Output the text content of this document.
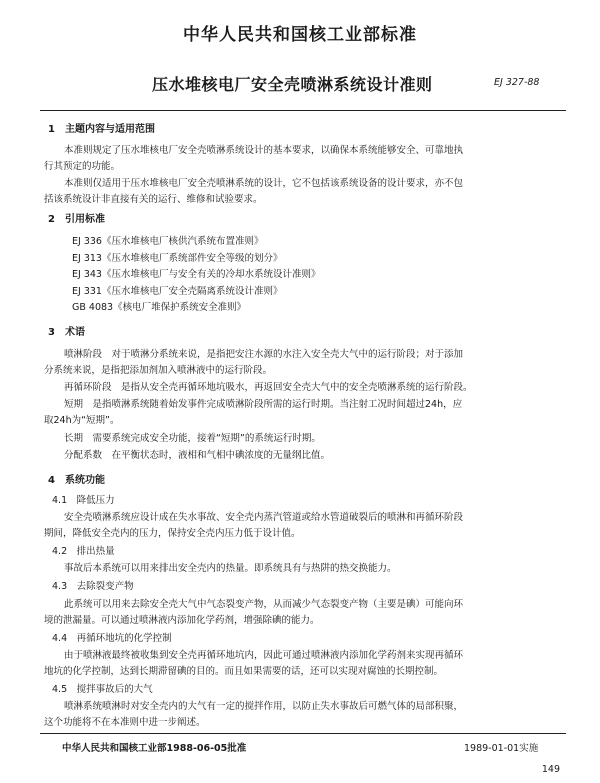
中华人民共和国核工业部标准
压水堆核电厂安全壳喷淋系统设计准则	EJ 327-88
1　主题内容与适用范围
本准则规定了压水堆核电厂安全壳喷淋系统设计的基本要求，以确保本系统能够安全、可靠地执
行其预定的功能。
本准则仅适用于压水堆核电厂安全壳喷淋系统的设计，它不包括该系统设备的设计要求，亦不包
括该系统设计非直接有关的运行、维修和试验要求。
2　引用标准
EJ 336《压水堆核电厂核供汽系统布置准则》
EJ 313《压水堆核电厂系统部件安全等级的划分》
EJ 343《压水堆核电厂与安全有关的冷却水系统设计准则》
EJ 331《压水堆核电厂安全壳隔离系统设计准则》
GB 4083《核电厂堆保护系统安全准则》
3　术语
喷淋阶段　对于喷淋分系统来说，是指把安注水源的水注入安全壳大气中的运行阶段；对于添加
分系统来说，是指把添加剂加入喷淋液中的运行阶段。
再循环阶段　是指从安全壳再循环地坑吸水，再返回安全壳大气中的安全壳喷淋系统的运行阶段。
短期　是指喷淋系统随着始发事件完成喷淋阶段所需的运行时期。当注射工况时间超过24h，应
取24h为“短期”。
长期　需要系统完成安全功能，接着“短期”的系统运行时期。
分配系数　在平衡状态时，液相和气相中碘浓度的无量纲比值。
4　系统功能
4.1　降低压力
安全壳喷淋系统应设计成在失水事故、安全壳内蒸汽管道或给水管道破裂后的喷淋和再循环阶段
期间，降低安全壳内的压力，保持安全壳内压力低于设计值。
4.2　排出热量
事故后本系统可以用来排出安全壳内的热量。即系统具有与热阱的热交换能力。
4.3　去除裂变产物
此系统可以用来去除安全壳大气中气态裂变产物，从而减少气态裂变产物（主要是碘）可能向环
境的泄漏量。可以通过喷淋液内添加化学药剂，增强除碘的能力。
4.4　再循环地坑的化学控制
由于喷淋液最终被收集到安全壳再循环地坑内，因此可通过喷淋液内添加化学药剂来实现再循环
地坑的化学控制，达到长期滞留碘的目的。而且如果需要的话，还可以实现对腐蚀的长期控制。
4.5　搅拌事故后的大气
喷淋系统喷淋时对安全壳内的大气有一定的搅拌作用，以防止失水事故后可燃气体的局部积聚，
这个功能将不在本准则中进一步阐述。
中华人民共和国核工业部1988-06-05批准	1989-01-01实施
149
